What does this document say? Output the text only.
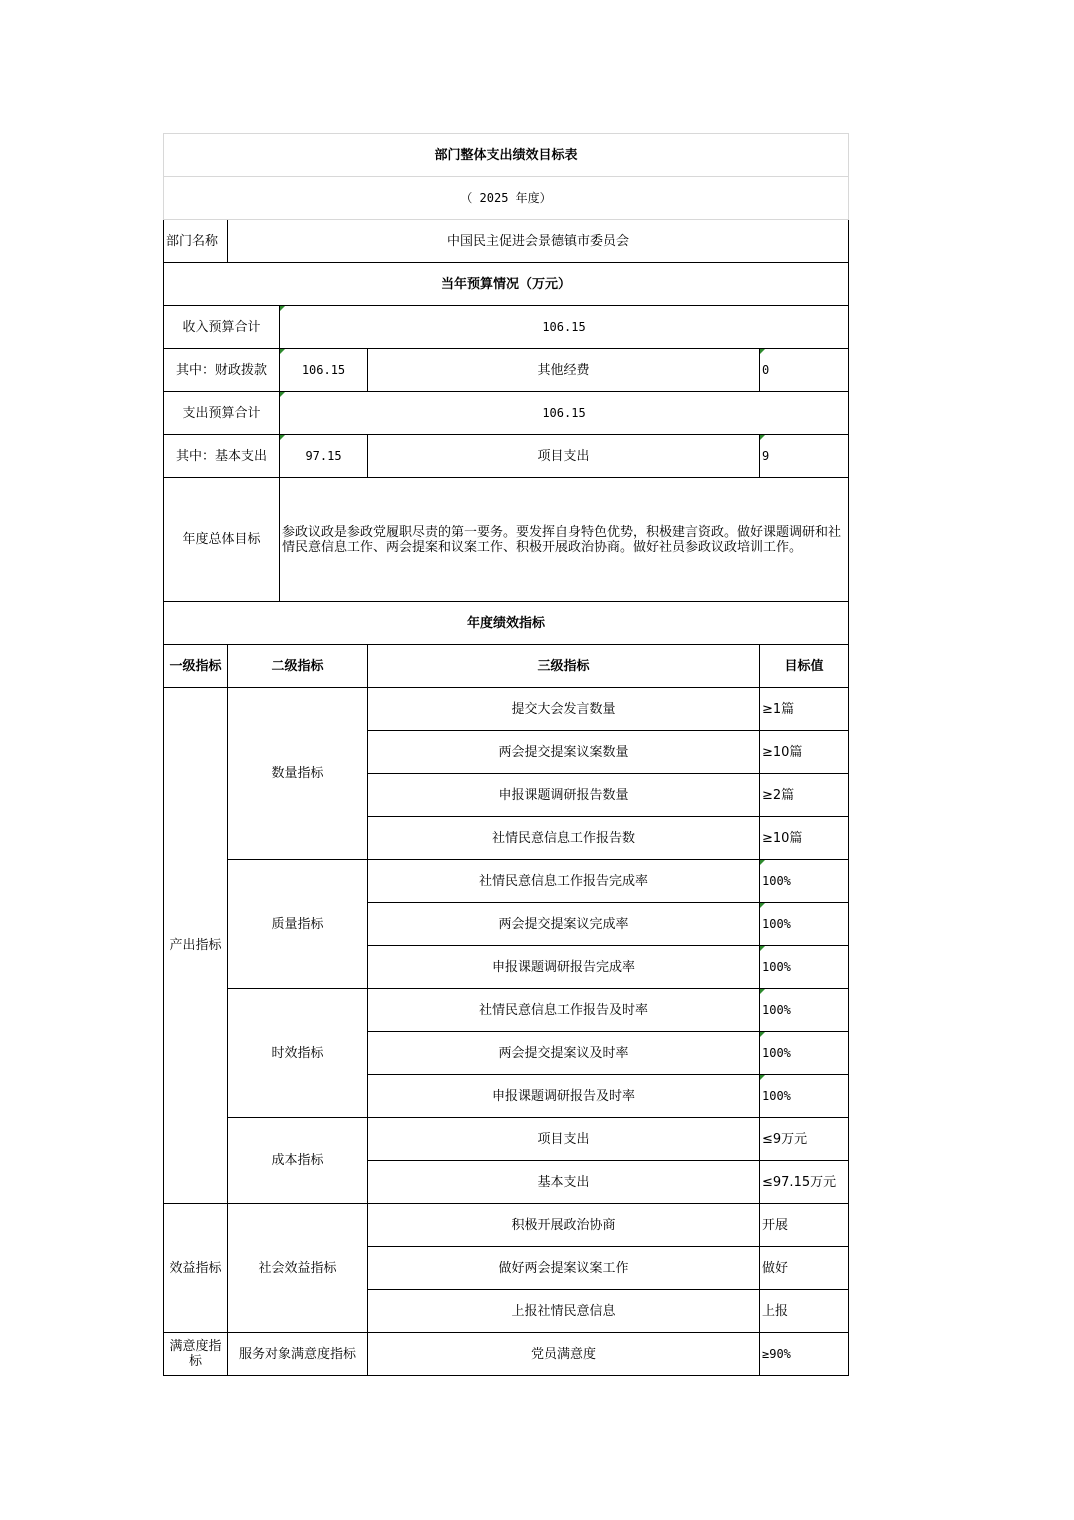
部门整体支出绩效目标表				
（ 2025 年度）				
部门名称	中国民主促进会景德镇市委员会			
当年预算情况（万元）				
收入预算合计		106.15		
其中：财政拨款		106.15	其他经费	0
支出预算合计		106.15		
其中：基本支出		97.15	项目支出	9
年度总体目标		参政议政是参政党履职尽责的第一要务。要发挥自身特色优势，积极建言资政。做好课题调研和社情民意信息工作、两会提案和议案工作、积极开展政治协商。做好社员参政议政培训工作。		
年度绩效指标				
一级指标	二级指标		三级指标	目标值
产出指标	数量指标		提交大会发言数量	≥1篇
			两会提交提案议案数量	≥10篇
			申报课题调研报告数量	≥2篇
			社情民意信息工作报告数	≥10篇
	质量指标		社情民意信息工作报告完成率	100%
			两会提交提案议完成率	100%
			申报课题调研报告完成率	100%
	时效指标		社情民意信息工作报告及时率	100%
			两会提交提案议及时率	100%
			申报课题调研报告及时率	100%
	成本指标		项目支出	≤9万元
			基本支出	≤97.15万元
效益指标	社会效益指标		积极开展政治协商	开展
			做好两会提案议案工作	做好
			上报社情民意信息	上报
满意度指标	服务对象满意度指标		党员满意度	≥90%
